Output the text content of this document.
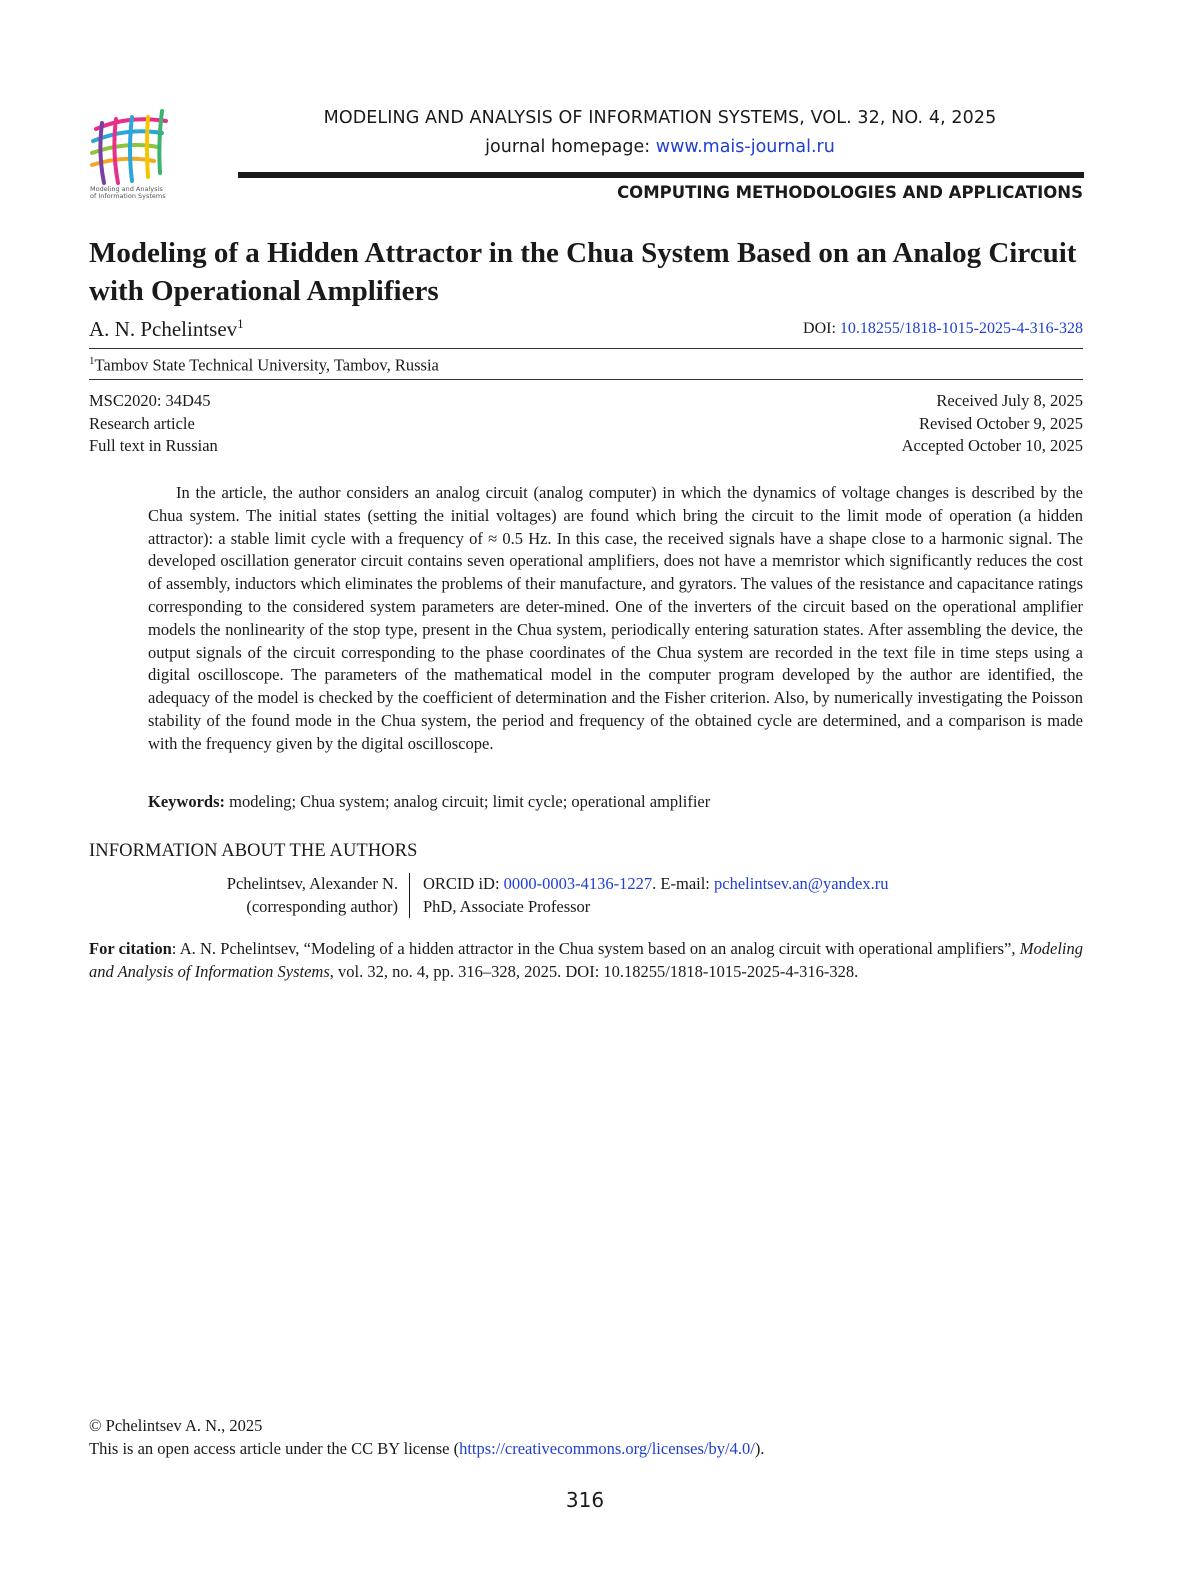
Modeling and Analysis
of Information Systems
MODELING AND ANALYSIS OF INFORMATION SYSTEMS, VOL. 32, NO. 4, 2025
journal homepage: www.mais-journal.ru
COMPUTING METHODOLOGIES AND APPLICATIONS
Modeling of a Hidden Attractor in the Chua System Based on an Analog Circuit with Operational Amplifiers
A. N. Pchelintsev$^1$	DOI: 10.18255/1818-1015-2025-4-316-328
$^1$Tambov State Technical University, Tambov, Russia
MSC2020: 34D45
Research article
Full text in Russian
Received July 8, 2025
Revised October 9, 2025
Accepted October 10, 2025

In the article, the author considers an analog circuit (analog computer) in which the dynamics of voltage changes is described by the Chua system. The initial states (setting the initial voltages) are found which bring the circuit to the limit mode of operation (a hidden attractor): a stable limit cycle with a frequency of ≈ 0.5 Hz. In this case, the received signals have a shape close to a harmonic signal. The developed oscillation generator circuit contains seven operational amplifiers, does not have a memristor which significantly reduces the cost of assembly, inductors which eliminates the problems of their manufacture, and gyrators. The values of the resistance and capacitance ratings corresponding to the considered system parameters are deter-mined. One of the inverters of the circuit based on the operational amplifier models the nonlinearity of the stop type, present in the Chua system, periodically entering saturation states. After assembling the device, the output signals of the circuit corresponding to the phase coordinates of the Chua system are recorded in the text file in time steps using a digital oscilloscope. The parameters of the mathematical model in the computer program developed by the author are identified, the adequacy of the model is checked by the coefficient of determination and the Fisher criterion. Also, by numerically investigating the Poisson stability of the found mode in the Chua system, the period and frequency of the obtained cycle are determined, and a comparison is made with the frequency given by the digital oscilloscope.

Keywords: modeling; Chua system; analog circuit; limit cycle; operational amplifier
INFORMATION ABOUT THE AUTHORS
Pchelintsev, Alexander N.
(corresponding author)
ORCID iD: 0000-0003-4136-1227. E-mail: pchelintsev.an@yandex.ru
PhD, Associate Professor

For citation: A. N. Pchelintsev, “Modeling of a hidden attractor in the Chua system based on an analog circuit with operational amplifiers”, Modeling and Analysis of Information Systems, vol. 32, no. 4, pp. 316–328, 2025. DOI: 10.18255/1818-1015-2025-4-316-328.

© Pchelintsev A. N., 2025
This is an open access article under the CC BY license (https://creativecommons.org/licenses/by/4.0/).
316
